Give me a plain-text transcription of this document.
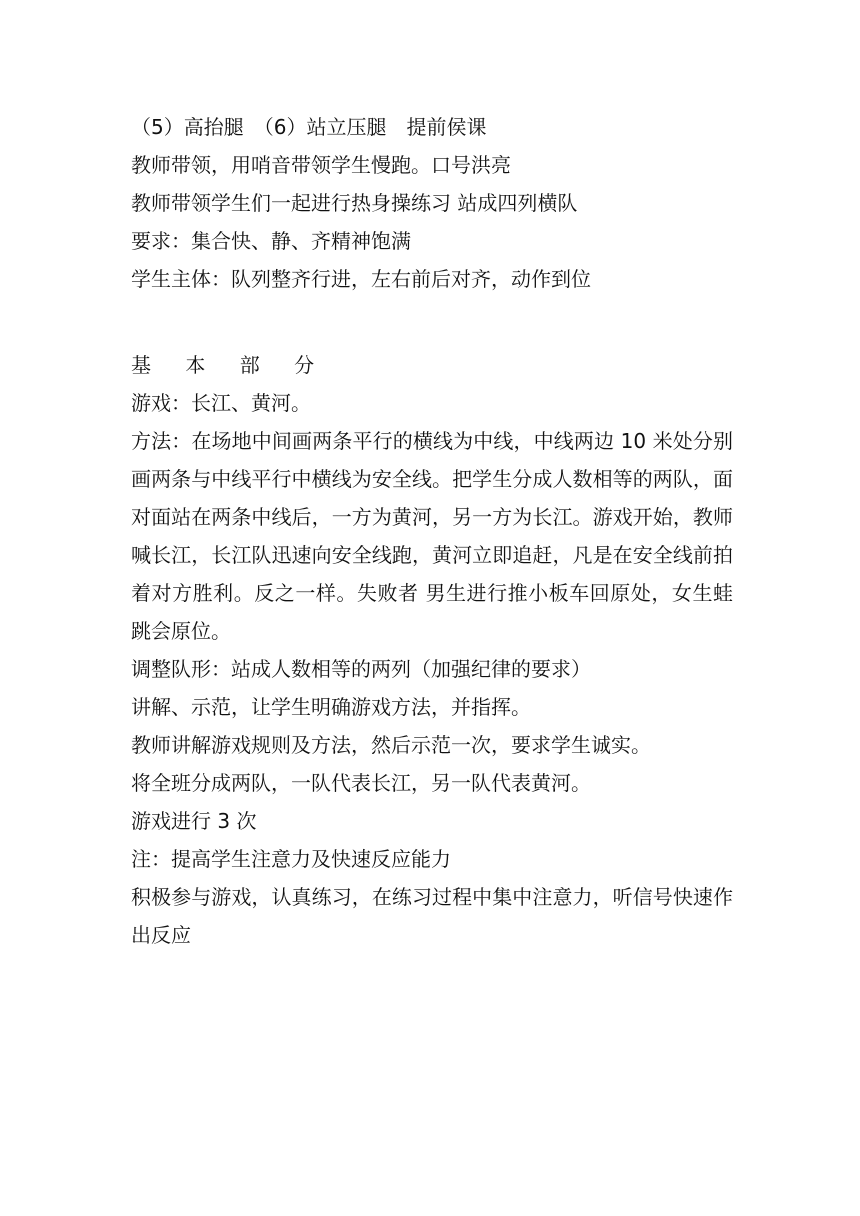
（5）高抬腿　（6）站立压腿　提前侯课

教师带领，用哨音带领学生慢跑。口号洪亮

教师带领学生们一起进行热身操练习 站成四列横队

要求：集合快、静、齐精神饱满

学生主体：队列整齐行进，左右前后对齐，动作到位

基 本 部 分

游戏：长江、黄河。

方法：在场地中间画两条平行的横线为中线，中线两边 10 米处分别画两条与中线平行中横线为安全线。把学生分成人数相等的两队，面对面站在两条中线后，一方为黄河，另一方为长江。游戏开始，教师喊长江，长江队迅速向安全线跑，黄河立即追赶，凡是在安全线前拍着对方胜利。反之一样。失败者 男生进行推小板车回原处，女生蛙跳会原位。

调整队形：站成人数相等的两列（加强纪律的要求）

讲解、示范，让学生明确游戏方法，并指挥。

教师讲解游戏规则及方法，然后示范一次，要求学生诚实。

将全班分成两队，一队代表长江，另一队代表黄河。

游戏进行 3 次

注：提高学生注意力及快速反应能力

积极参与游戏，认真练习，在练习过程中集中注意力，听信号快速作出反应
